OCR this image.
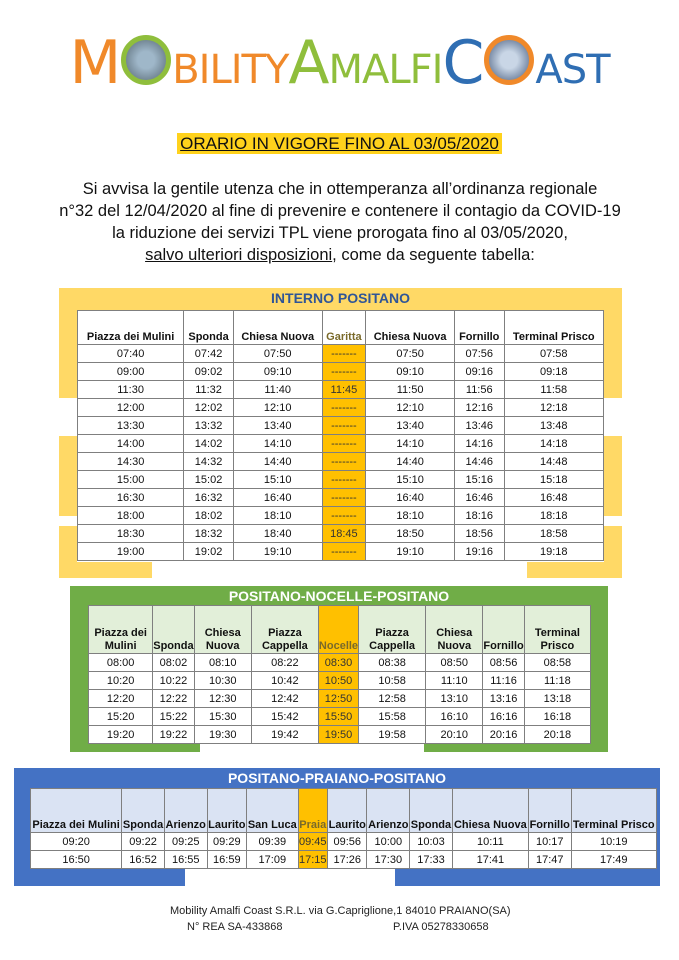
M BILITYAMALFIC AST
ORARIO IN VIGORE FINO AL 03/05/2020
Si avvisa la gentile utenza che in ottemperanza all’ordinanza regionale
n°32 del 12/04/2020 al fine di prevenire e contenere il contagio da COVID-19
la riduzione dei servizi TPL viene prorogata fino al 03/05/2020,
salvo ulteriori disposizioni, come da seguente tabella:
INTERNO POSITANO
Piazza dei Mulini	Sponda	Chiesa Nuova	Garitta	Chiesa Nuova	Fornillo	Terminal Prisco
07:40	07:42	07:50	-------	07:50	07:56	07:58
09:00	09:02	09:10	-------	09:10	09:16	09:18
11:30	11:32	11:40	11:45	11:50	11:56	11:58
12:00	12:02	12:10	-------	12:10	12:16	12:18
13:30	13:32	13:40	-------	13:40	13:46	13:48
14:00	14:02	14:10	-------	14:10	14:16	14:18
14:30	14:32	14:40	-------	14:40	14:46	14:48
15:00	15:02	15:10	-------	15:10	15:16	15:18
16:30	16:32	16:40	-------	16:40	16:46	16:48
18:00	18:02	18:10	-------	18:10	18:16	18:18
18:30	18:32	18:40	18:45	18:50	18:56	18:58
19:00	19:02	19:10	-------	19:10	19:16	19:18
POSITANO-NOCELLE-POSITANO
Piazza dei Mulini	Sponda	Chiesa Nuova	Piazza Cappella	Nocelle	Piazza Cappella	Chiesa Nuova	Fornillo	Terminal Prisco
08:00	08:02	08:10	08:22	08:30	08:38	08:50	08:56	08:58
10:20	10:22	10:30	10:42	10:50	10:58	11:10	11:16	11:18
12:20	12:22	12:30	12:42	12:50	12:58	13:10	13:16	13:18
15:20	15:22	15:30	15:42	15:50	15:58	16:10	16:16	16:18
19:20	19:22	19:30	19:42	19:50	19:58	20:10	20:16	20:18
POSITANO-PRAIANO-POSITANO
Piazza dei Mulini	Sponda	Arienzo	Laurito	San Luca	Praia	Laurito	Arienzo	Sponda	Chiesa Nuova	Fornillo	Terminal Prisco
09:20	09:22	09:25	09:29	09:39	09:45	09:56	10:00	10:03	10:11	10:17	10:19
16:50	16:52	16:55	16:59	17:09	17:15	17:26	17:30	17:33	17:41	17:47	17:49
Mobility Amalfi Coast S.R.L. via G.Capriglione,1 84010 PRAIANO(SA)
N° REA SA-433868	P.IVA 05278330658
